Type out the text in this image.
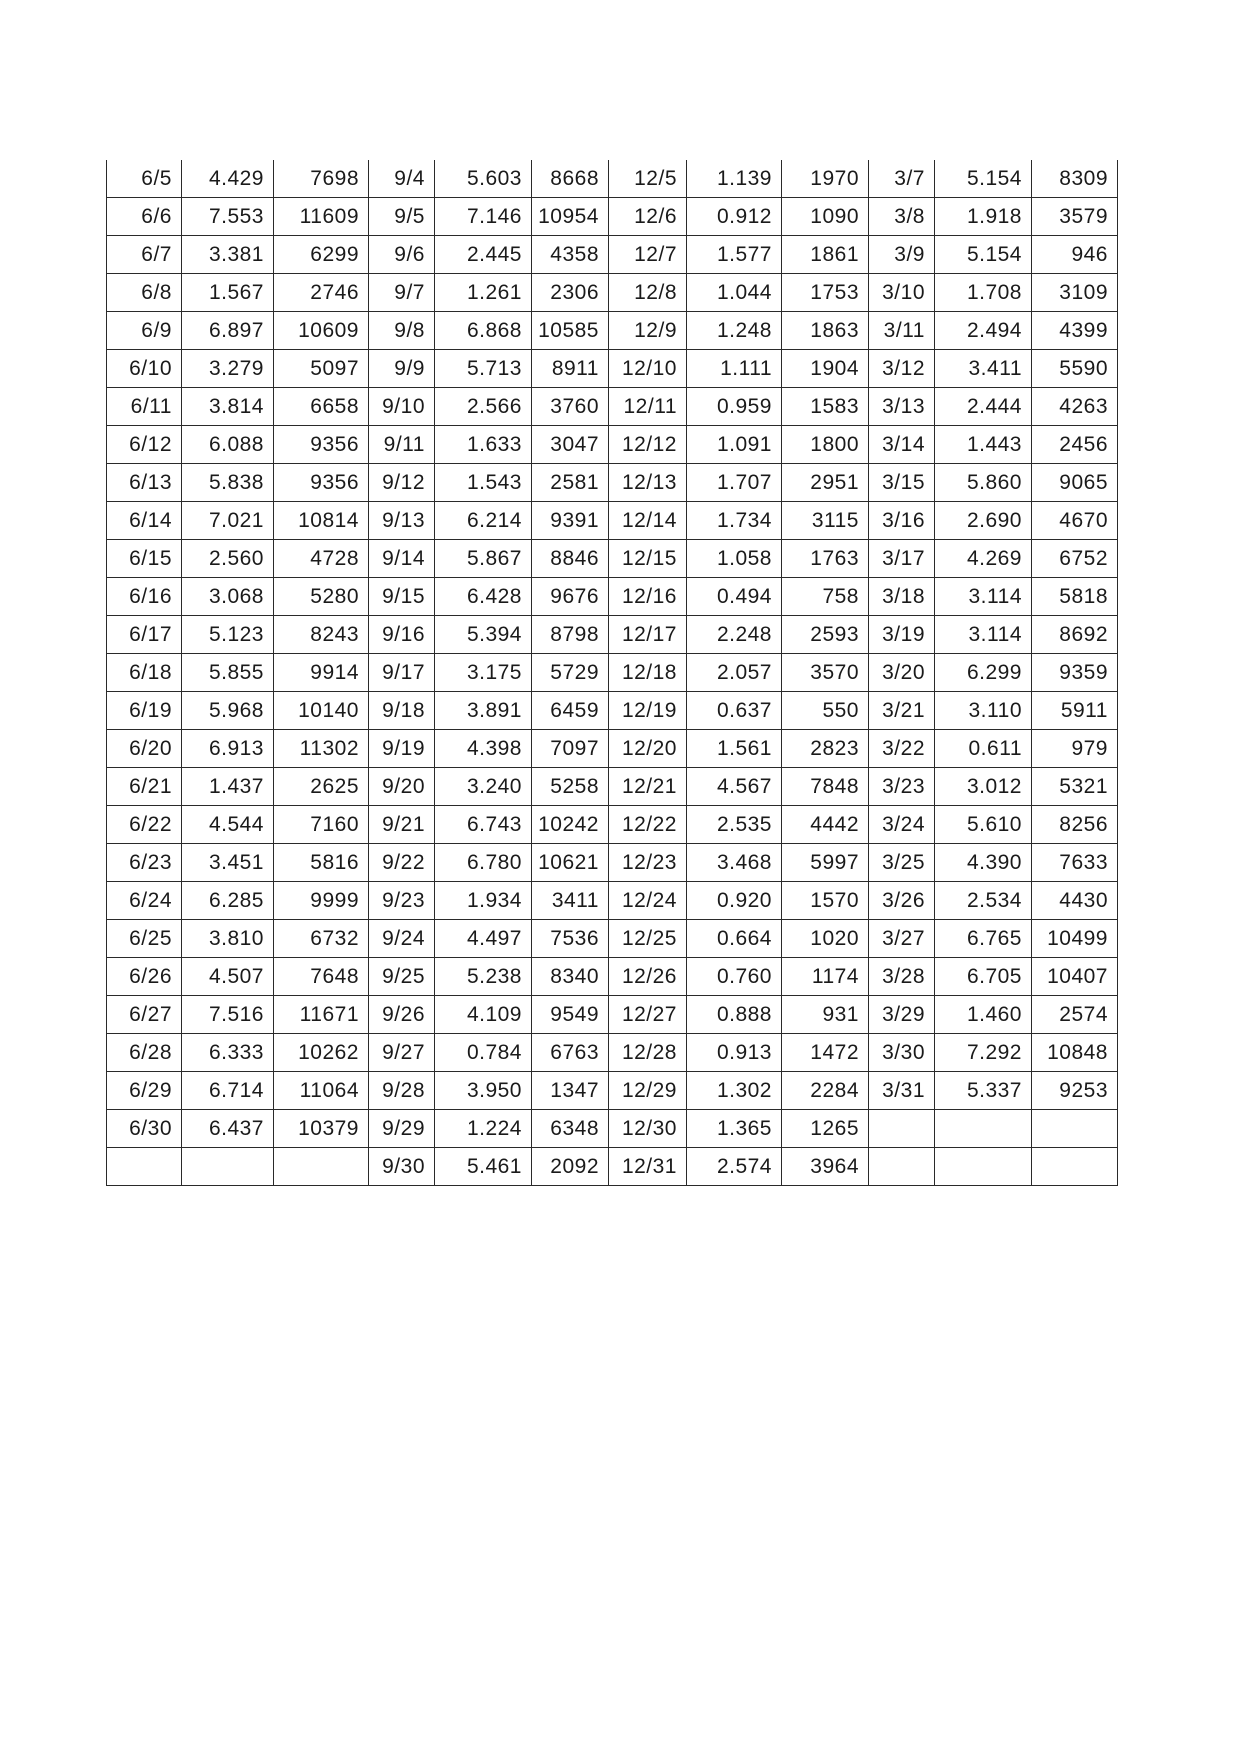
6/5	4.429	7698	9/4	5.603	8668	12/5	1.139	1970	3/7	5.154	8309
6/6	7.553	11609	9/5	7.146	10954	12/6	0.912	1090	3/8	1.918	3579
6/7	3.381	6299	9/6	2.445	4358	12/7	1.577	1861	3/9	5.154	946
6/8	1.567	2746	9/7	1.261	2306	12/8	1.044	1753	3/10	1.708	3109
6/9	6.897	10609	9/8	6.868	10585	12/9	1.248	1863	3/11	2.494	4399
6/10	3.279	5097	9/9	5.713	8911	12/10	1.111	1904	3/12	3.411	5590
6/11	3.814	6658	9/10	2.566	3760	12/11	0.959	1583	3/13	2.444	4263
6/12	6.088	9356	9/11	1.633	3047	12/12	1.091	1800	3/14	1.443	2456
6/13	5.838	9356	9/12	1.543	2581	12/13	1.707	2951	3/15	5.860	9065
6/14	7.021	10814	9/13	6.214	9391	12/14	1.734	3115	3/16	2.690	4670
6/15	2.560	4728	9/14	5.867	8846	12/15	1.058	1763	3/17	4.269	6752
6/16	3.068	5280	9/15	6.428	9676	12/16	0.494	758	3/18	3.114	5818
6/17	5.123	8243	9/16	5.394	8798	12/17	2.248	2593	3/19	3.114	8692
6/18	5.855	9914	9/17	3.175	5729	12/18	2.057	3570	3/20	6.299	9359
6/19	5.968	10140	9/18	3.891	6459	12/19	0.637	550	3/21	3.110	5911
6/20	6.913	11302	9/19	4.398	7097	12/20	1.561	2823	3/22	0.611	979
6/21	1.437	2625	9/20	3.240	5258	12/21	4.567	7848	3/23	3.012	5321
6/22	4.544	7160	9/21	6.743	10242	12/22	2.535	4442	3/24	5.610	8256
6/23	3.451	5816	9/22	6.780	10621	12/23	3.468	5997	3/25	4.390	7633
6/24	6.285	9999	9/23	1.934	3411	12/24	0.920	1570	3/26	2.534	4430
6/25	3.810	6732	9/24	4.497	7536	12/25	0.664	1020	3/27	6.765	10499
6/26	4.507	7648	9/25	5.238	8340	12/26	0.760	1174	3/28	6.705	10407
6/27	7.516	11671	9/26	4.109	9549	12/27	0.888	931	3/29	1.460	2574
6/28	6.333	10262	9/27	0.784	6763	12/28	0.913	1472	3/30	7.292	10848
6/29	6.714	11064	9/28	3.950	1347	12/29	1.302	2284	3/31	5.337	9253
6/30	6.437	10379	9/29	1.224	6348	12/30	1.365	1265			
			9/30	5.461	2092	12/31	2.574	3964			
